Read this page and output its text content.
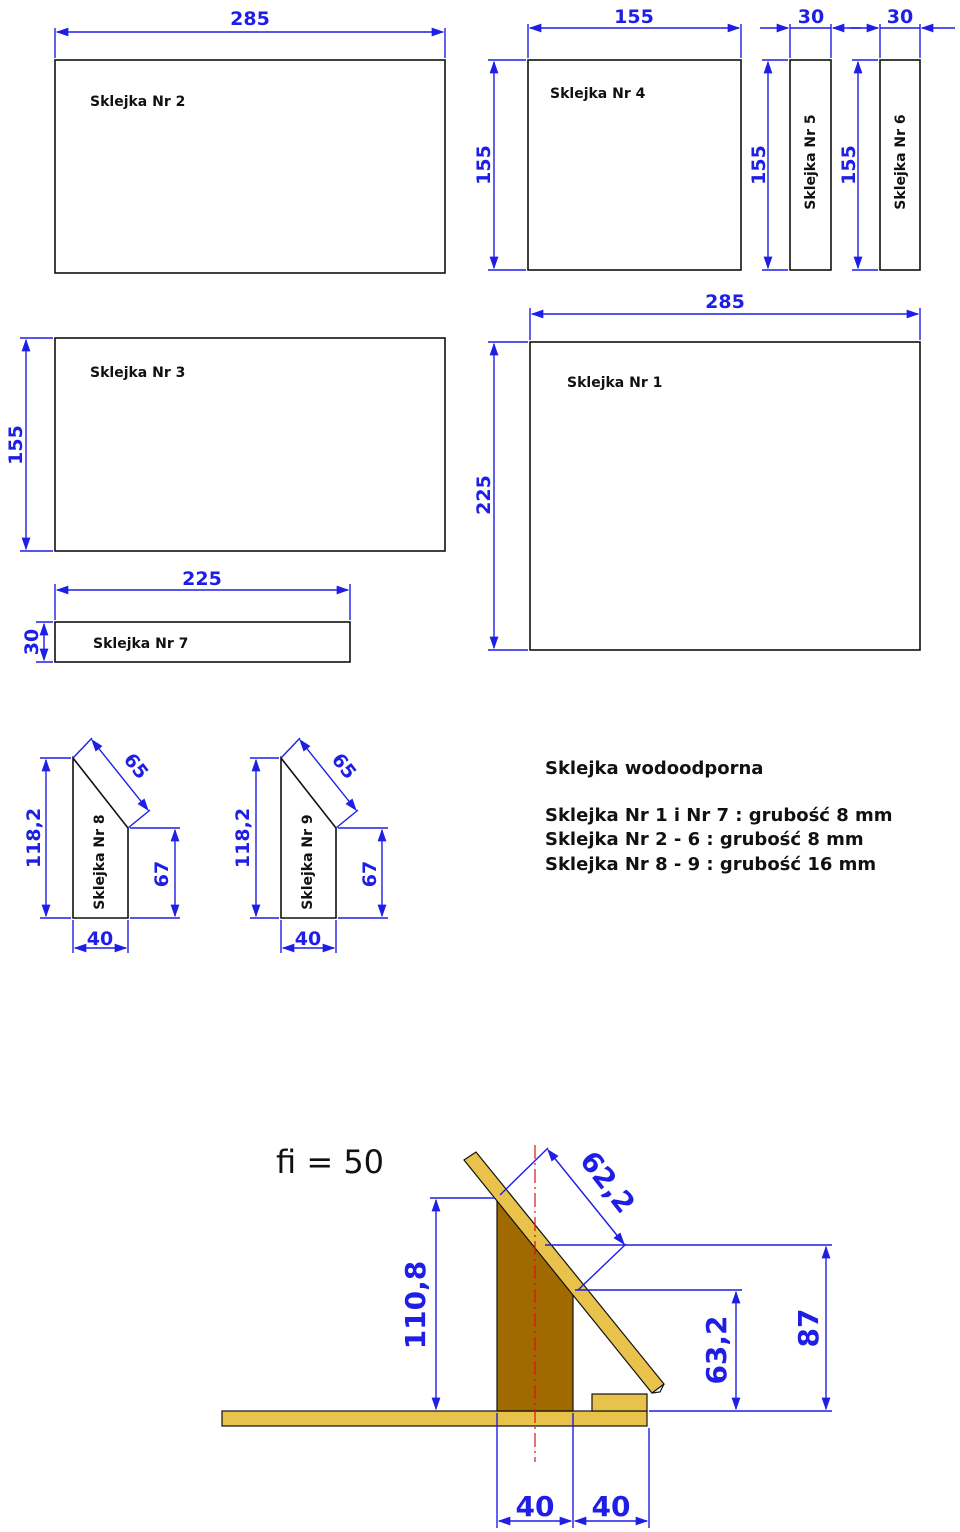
Sklejka Nr 2
285
Sklejka Nr 4
155
155	Sklejka Nr 5
30
155	Sklejka Nr 6
30
155
Sklejka Nr 3
155
Sklejka Nr 1
285
225
Sklejka Nr 7
225
30
Sklejka Nr 8
118,2
65
67
40
Sklejka Nr 9
118,2
65
67
40
Sklejka wodoodporna
Sklejka Nr 1 i Nr 7 : grubość 8 mm
Sklejka Nr 2 - 6 : grubość 8 mm
Sklejka Nr 8 - 9 : grubość 16 mm
fi = 50
110,8
62,2
87
63,2
40 40
